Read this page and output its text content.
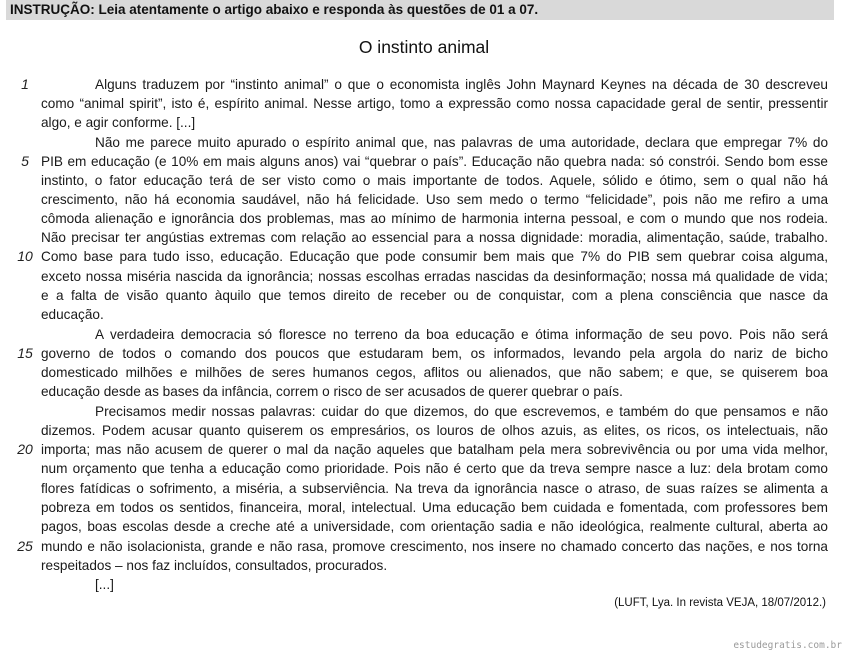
INSTRUÇÃO: Leia atentamente o artigo abaixo e responda às questões de 01 a 07.
O instinto animal
1
5
10
15
20
25
Alguns traduzem por “instinto animal” o que o economista inglês John Maynard Keynes na década de 30 descreveu
como “animal spirit”, isto é, espírito animal. Nesse artigo, tomo a expressão como nossa capacidade geral de sentir, pressentir
algo, e agir conforme. [...]
Não me parece muito apurado o espírito animal que, nas palavras de uma autoridade, declara que empregar 7% do
PIB em educação (e 10% em mais alguns anos) vai “quebrar o país”. Educação não quebra nada: só constrói. Sendo bom esse
instinto, o fator educação terá de ser visto como o mais importante de todos. Aquele, sólido e ótimo, sem o qual não há
crescimento, não há economia saudável, não há felicidade. Uso sem medo o termo “felicidade”, pois não me refiro a uma
cômoda alienação e ignorância dos problemas, mas ao mínimo de harmonia interna pessoal, e com o mundo que nos rodeia.
Não precisar ter angústias extremas com relação ao essencial para a nossa dignidade: moradia, alimentação, saúde, trabalho.
Como base para tudo isso, educação. Educação que pode consumir bem mais que 7% do PIB sem quebrar coisa alguma,
exceto nossa miséria nascida da ignorância; nossas escolhas erradas nascidas da desinformação; nossa má qualidade de vida;
e a falta de visão quanto àquilo que temos direito de receber ou de conquistar, com a plena consciência que nasce da
educação.
A verdadeira democracia só floresce no terreno da boa educação e ótima informação de seu povo. Pois não será
governo de todos o comando dos poucos que estudaram bem, os informados, levando pela argola do nariz de bicho
domesticado milhões e milhões de seres humanos cegos, aflitos ou alienados, que não sabem; e que, se quiserem boa
educação desde as bases da infância, correm o risco de ser acusados de querer quebrar o país.
Precisamos medir nossas palavras: cuidar do que dizemos, do que escrevemos, e também do que pensamos e não
dizemos. Podem acusar quanto quiserem os empresários, os louros de olhos azuis, as elites, os ricos, os intelectuais, não
importa; mas não acusem de querer o mal da nação aqueles que batalham pela mera sobrevivência ou por uma vida melhor,
num orçamento que tenha a educação como prioridade. Pois não é certo que da treva sempre nasce a luz: dela brotam como
flores fatídicas o sofrimento, a miséria, a subserviência. Na treva da ignorância nasce o atraso, de suas raízes se alimenta a
pobreza em todos os sentidos, financeira, moral, intelectual. Uma educação bem cuidada e fomentada, com professores bem
pagos, boas escolas desde a creche até a universidade, com orientação sadia e não ideológica, realmente cultural, aberta ao
mundo e não isolacionista, grande e não rasa, promove crescimento, nos insere no chamado concerto das nações, e nos torna
respeitados – nos faz incluídos, consultados, procurados.
[...]
(LUFT, Lya. In revista VEJA, 18/07/2012.)
estudegratis.com.br
